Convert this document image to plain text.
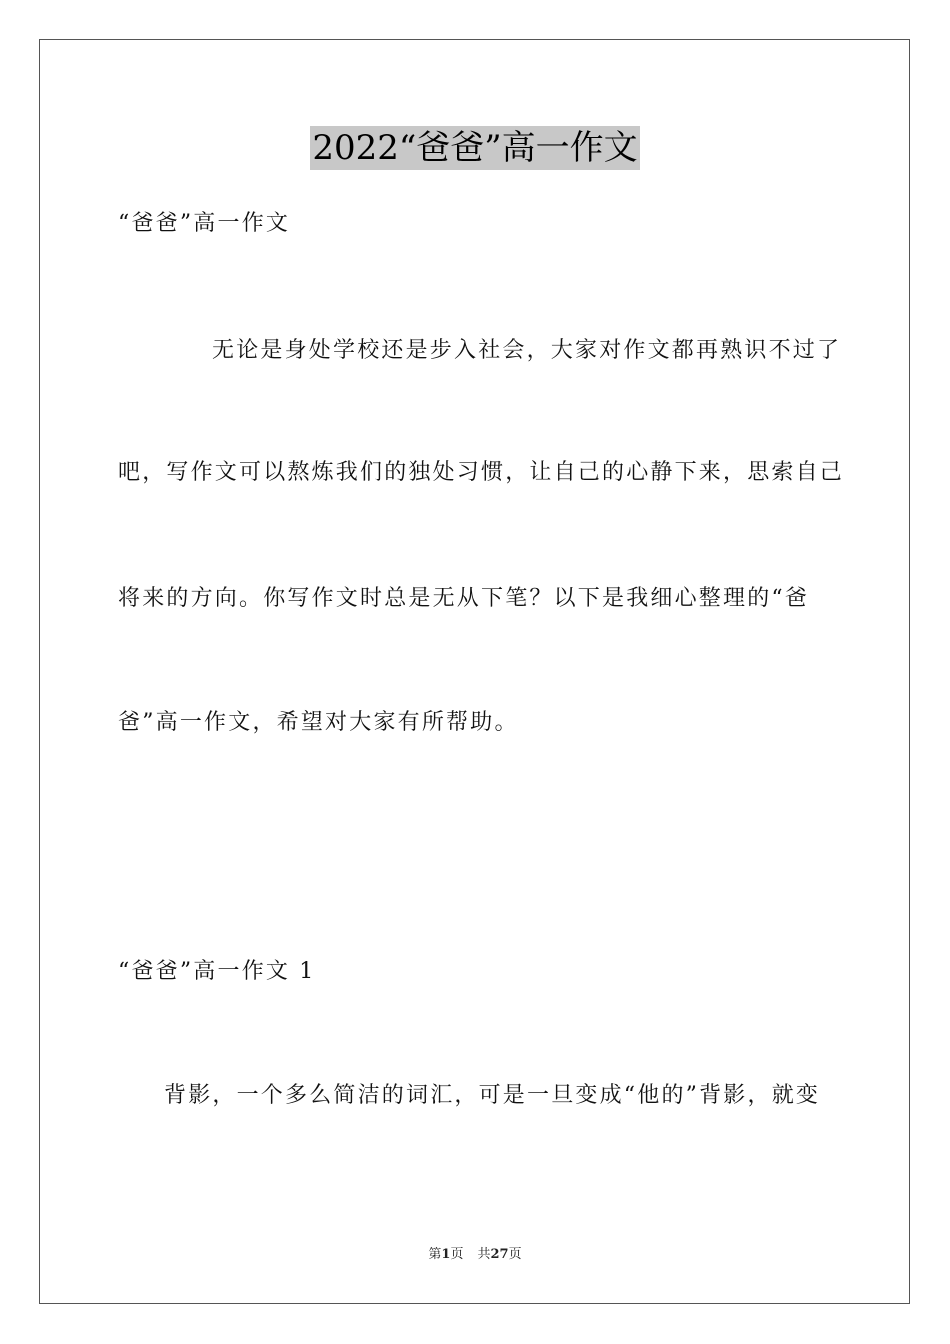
2022“爸爸”高一作文
“爸爸”高一作文
无论是身处学校还是步入社会，大家对作文都再熟识不过了
吧，写作文可以熬炼我们的独处习惯，让自己的心静下来，思索自己
将来的方向。你写作文时总是无从下笔？以下是我细心整理的“爸
爸”高一作文，希望对大家有所帮助。
“爸爸”高一作文 1
背影，一个多么简洁的词汇，可是一旦变成“他的”背影，就变
第1页 共27页
